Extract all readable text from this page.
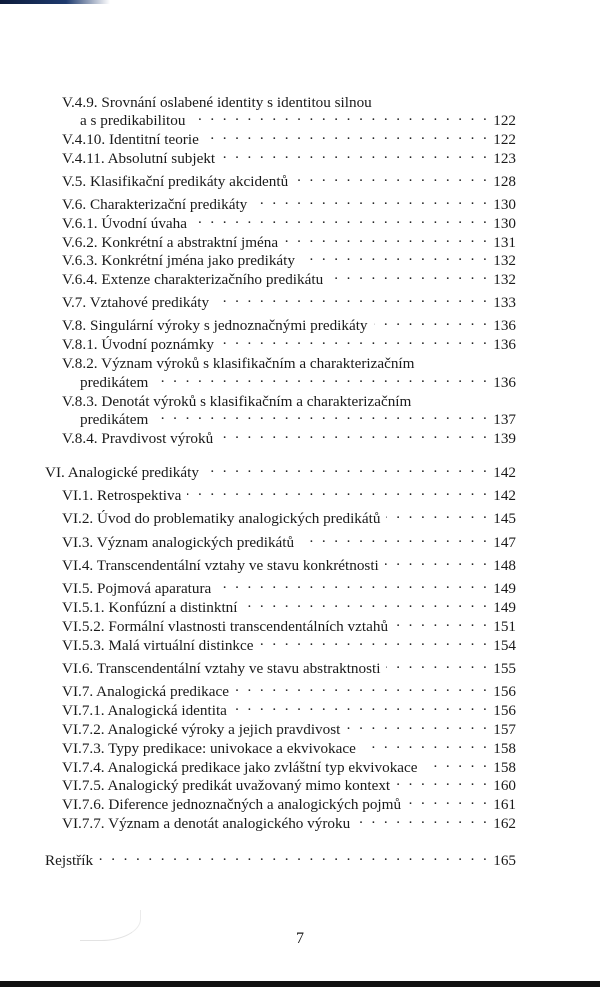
V.4.9. Srovnání oslabené identity s identitou silnou
a s predikabilitou . . .	122
V.4.10. Identitní teorie . . .	122
V.4.11. Absolutní subjekt . . .	123
V.5. Klasifikační predikáty akcidentů . . .	128
V.6. Charakterizační predikáty . . .	130
V.6.1. Úvodní úvaha . . .	130
V.6.2. Konkrétní a abstraktní jména . . .	131
V.6.3. Konkrétní jména jako predikáty . . .	132
V.6.4. Extenze charakterizačního predikátu . . .	132
V.7. Vztahové predikáty . . .	133
V.8. Singulární výroky s jednoznačnými predikáty . . .	136
V.8.1. Úvodní poznámky . . .	136
V.8.2. Význam výroků s klasifikačním a charakterizačním
predikátem . . .	136
V.8.3. Denotát výroků s klasifikačním a charakterizačním
predikátem . . .	137
V.8.4. Pravdivost výroků . . .	139
VI. Analogické predikáty . . .	142
VI.1. Retrospektiva . . .	142
VI.2. Úvod do problematiky analogických predikátů . . .	145
VI.3. Význam analogických predikátů . . .	147
VI.4. Transcendentální vztahy ve stavu konkrétnosti . . .	148
VI.5. Pojmová aparatura . . .	149
VI.5.1. Konfúzní a distinktní . . .	149
VI.5.2. Formální vlastnosti transcendentálních vztahů . . .	151
VI.5.3. Malá virtuální distinkce . . .	154
VI.6. Transcendentální vztahy ve stavu abstraktnosti . . .	155
VI.7. Analogická predikace . . .	156
VI.7.1. Analogická identita . . .	156
VI.7.2. Analogické výroky a jejich pravdivost . . .	157
VI.7.3. Typy predikace: univokace a ekvivokace . . .	158
VI.7.4. Analogická predikace jako zvláštní typ ekvivokace . . .	158
VI.7.5. Analogický predikát uvažovaný mimo kontext . . .	160
VI.7.6. Diference jednoznačných a analogických pojmů . . .	161
VI.7.7. Význam a denotát analogického výroku . . .	162
Rejstřík . . .	165
7
